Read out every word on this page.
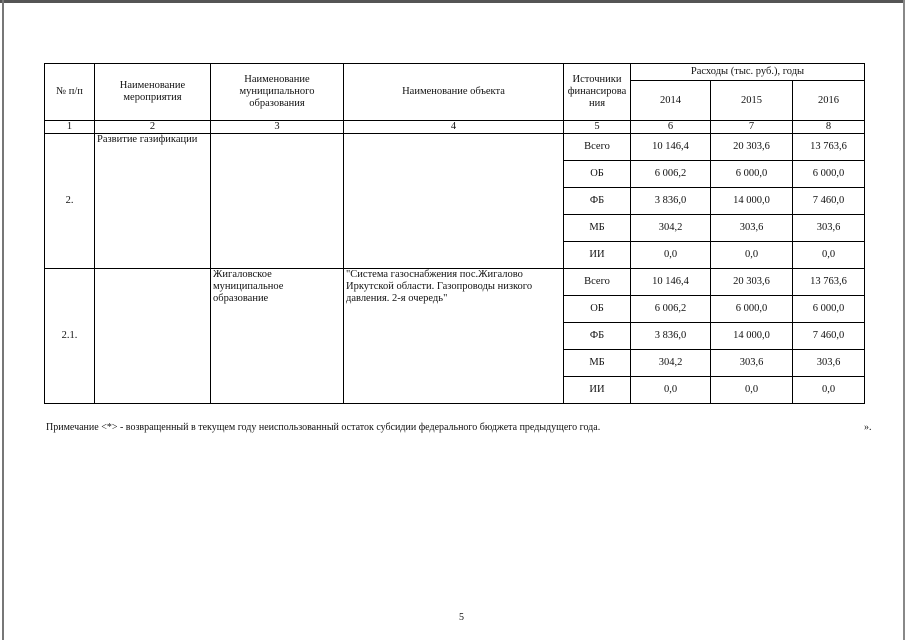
№ п/п	Наименование мероприятия	Наименование муниципального образования	Наименование объекта	Источники финансирова ния	Расходы (тыс. руб.), годы		
					2014	2015	2016
1	2	3	4	5	6	7	8
2.	Развитие газификации			Всего	10 146,4	20 303,6	13 763,6
				ОБ	6 006,2	6 000,0	6 000,0
				ФБ	3 836,0	14 000,0	7 460,0
				МБ	304,2	303,6	303,6
				ИИ	0,0	0,0	0,0
2.1.		Жигаловское муниципальное образование	"Система газоснабжения пос.Жигалово Иркутской области. Газопроводы низкого давления. 2-я очередь"	Всего	10 146,4	20 303,6	13 763,6
				ОБ	6 006,2	6 000,0	6 000,0
				ФБ	3 836,0	14 000,0	7 460,0
				МБ	304,2	303,6	303,6
				ИИ	0,0	0,0	0,0
Примечание <*> - возвращенный в текущем году неиспользованный остаток субсидии федерального бюджета предыдущего года.	».
5
